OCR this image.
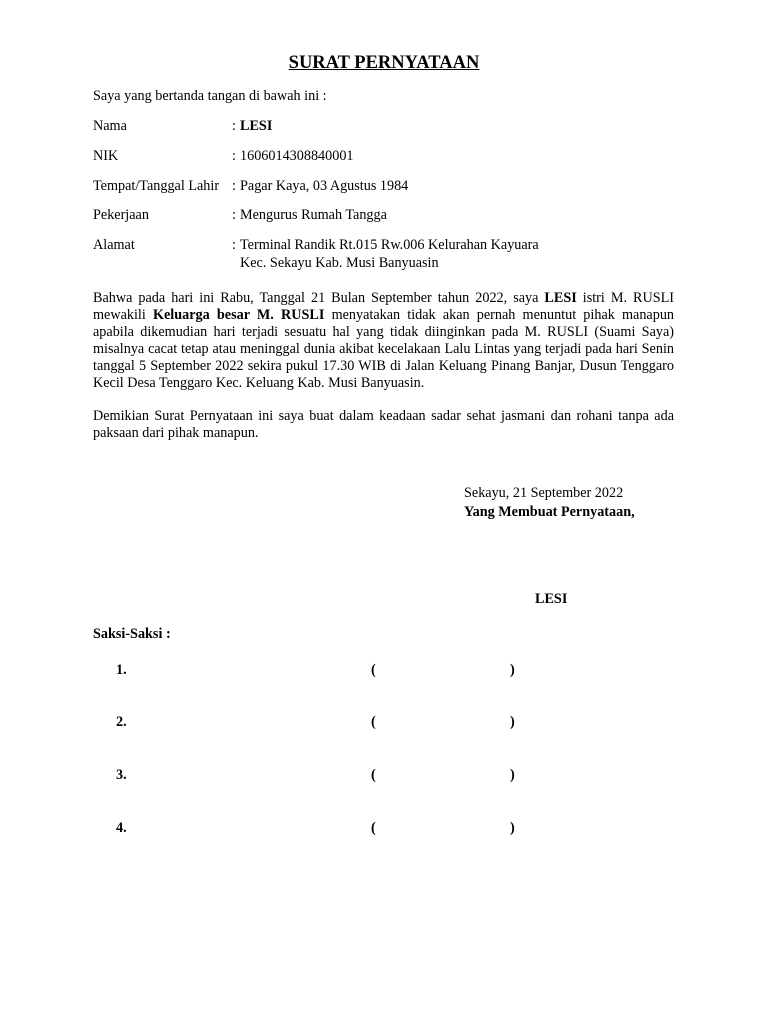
SURAT PERNYATAAN
Saya yang bertanda tangan di bawah ini :
Nama	: LESI
NIK	: 1606014308840001
Tempat/Tanggal Lahir : Pagar Kaya, 03 Agustus 1984
Pekerjaan	: Mengurus Rumah Tangga
Alamat	: Terminal Randik Rt.015 Rw.006 Kelurahan Kayuara
Kec. Sekayu Kab. Musi Banyuasin
Bahwa pada hari ini Rabu, Tanggal 21 Bulan September tahun 2022, saya LESI istri M. RUSLI mewakili Keluarga besar M. RUSLI menyatakan tidak akan pernah menuntut pihak manapun apabila dikemudian hari terjadi sesuatu hal yang tidak diinginkan pada M. RUSLI (Suami Saya) misalnya cacat tetap atau meninggal dunia akibat kecelakaan Lalu Lintas yang terjadi pada hari Senin tanggal 5 September 2022 sekira pukul 17.30 WIB di Jalan Keluang Pinang Banjar, Dusun Tenggaro Kecil Desa Tenggaro Kec. Keluang Kab. Musi Banyuasin.
Demikian Surat Pernyataan ini saya buat dalam keadaan sadar sehat jasmani dan rohani tanpa ada paksaan dari pihak manapun.
Sekayu, 21 September 2022
Yang Membuat Pernyataan,
LESI
Saksi-Saksi :
1.	(	)
2.	(	)
3.	(	)
4.	(	)
